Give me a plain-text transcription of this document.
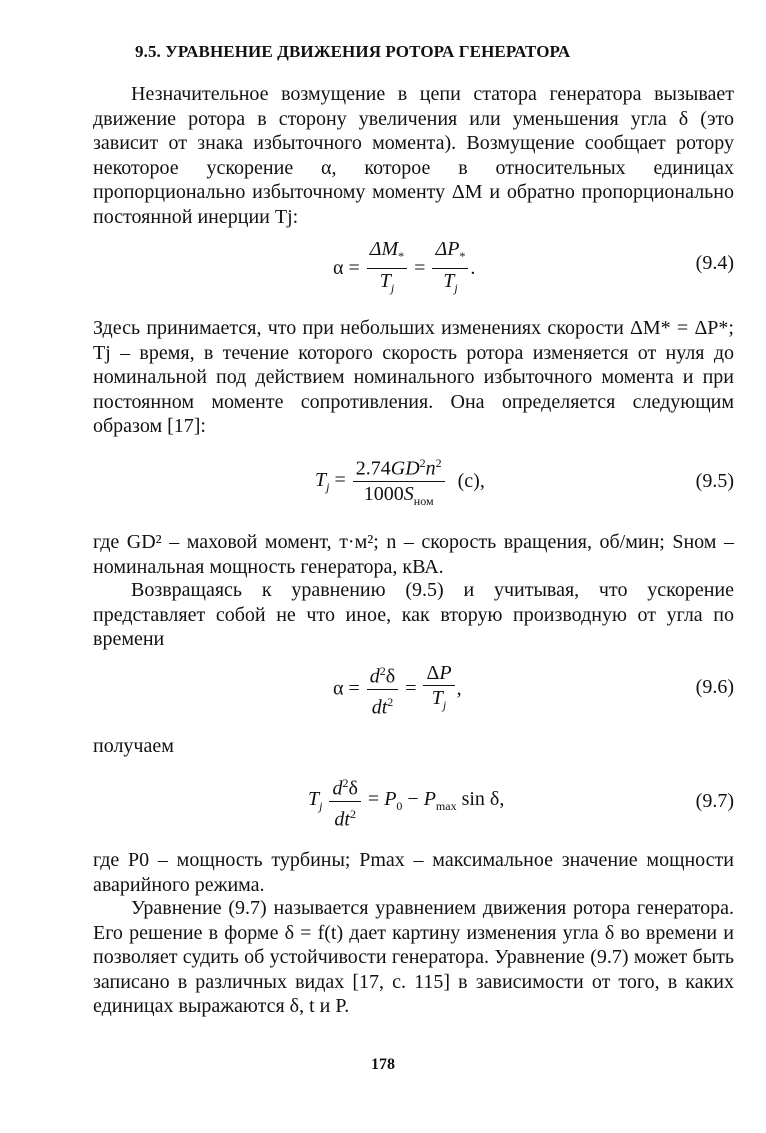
9.5. УРАВНЕНИЕ ДВИЖЕНИЯ РОТОРА ГЕНЕРАТОРА
Незначительное возмущение в цепи статора генератора вызывает движение ротора в сторону увеличения или уменьшения угла δ (это зависит от знака избыточного момента). Возмущение сообщает ротору некоторое ускорение α, которое в относительных единицах пропорционально избыточному моменту ΔM и обратно пропорционально постоянной инерции Tj:
$\alpha = \frac{\Delta M_*}{T_j} = \frac{\Delta P_*}{T_j}$ .	(9.4)
Здесь принимается, что при небольших изменениях скорости ΔM* = ΔP*; Tj – время, в течение которого скорость ротора изменяется от нуля до номинальной под действием номинального избыточного момента и при постоянном моменте сопротивления. Она определяется следующим образом [17]:
$T_j = \frac{2.74GD^2n^2}{1000S_{ном}} (с)$,	(9.5)
где GD² – маховой момент, т·м²; n – скорость вращения, об/мин; Sном – номинальная мощность генератора, кВА.
Возвращаясь к уравнению (9.5) и учитывая, что ускорение представляет собой не что иное, как вторую производную от угла по времени
$\alpha = \frac{d^2\delta}{dt^2} = \frac{\Delta P}{T_j}$ ,	(9.6)
получаем
$T_j \frac{d^2\delta}{dt^2} = P_0 - P_{max}$ sin δ,	(9.7)
где P0 – мощность турбины; Pmax – максимальное значение мощности аварийного режима.
Уравнение (9.7) называется уравнением движения ротора генератора. Его решение в форме δ = f(t) дает картину изменения угла δ во времени и позволяет судить об устойчивости генератора. Уравнение (9.7) может быть записано в различных видах [17, с. 115] в зависимости от того, в каких единицах выражаются δ, t и P.
178
